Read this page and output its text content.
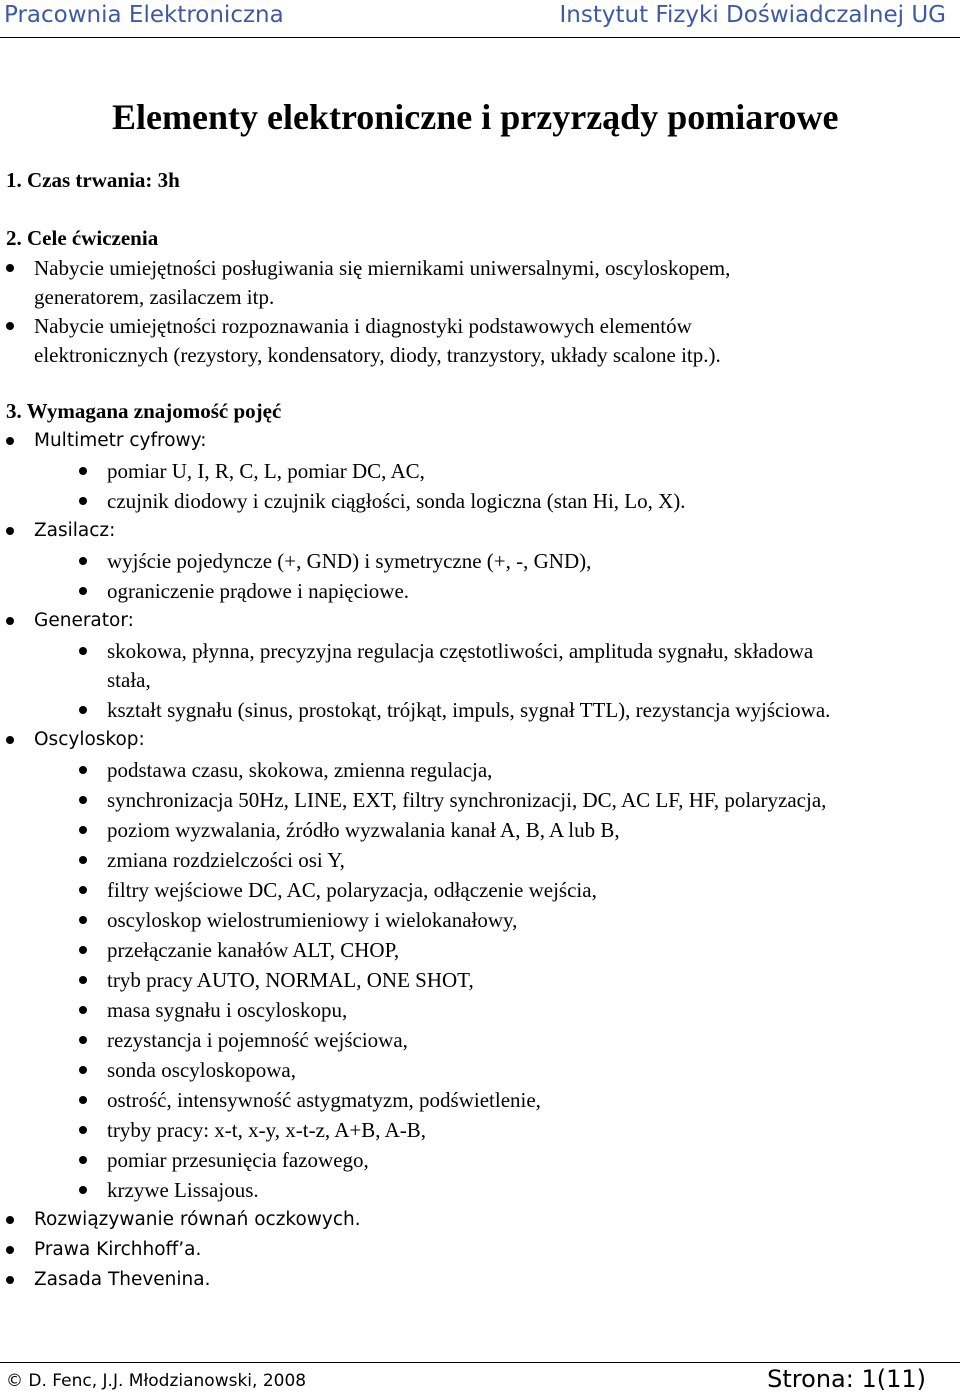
Pracownia Elektroniczna	Instytut Fizyki Doświadczalnej UG
Elementy elektroniczne i przyrządy pomiarowe
1. Czas trwania: 3h
2. Cele ćwiczenia
Nabycie umiejętności posługiwania się miernikami uniwersalnymi, oscyloskopem,
generatorem, zasilaczem itp.
Nabycie umiejętności rozpoznawania i diagnostyki podstawowych elementów
elektronicznych (rezystory, kondensatory, diody, tranzystory, układy scalone itp.).
3. Wymagana znajomość pojęć
Multimetr cyfrowy:
pomiar U, I, R, C, L, pomiar DC, AC,
czujnik diodowy i czujnik ciągłości, sonda logiczna (stan Hi, Lo, X).
Zasilacz:
wyjście pojedyncze (+, GND) i symetryczne (+, -, GND),
ograniczenie prądowe i napięciowe.
Generator:
skokowa, płynna, precyzyjna regulacja częstotliwości, amplituda sygnału, składowa
stała,
kształt sygnału (sinus, prostokąt, trójkąt, impuls, sygnał TTL), rezystancja wyjściowa.
Oscyloskop:
podstawa czasu, skokowa, zmienna regulacja,
synchronizacja 50Hz, LINE, EXT, filtry synchronizacji, DC, AC LF, HF, polaryzacja,
poziom wyzwalania, źródło wyzwalania kanał A, B, A lub B,
zmiana rozdzielczości osi Y,
filtry wejściowe DC, AC, polaryzacja, odłączenie wejścia,
oscyloskop wielostrumieniowy i wielokanałowy,
przełączanie kanałów ALT, CHOP,
tryb pracy AUTO, NORMAL, ONE SHOT,
masa sygnału i oscyloskopu,
rezystancja i pojemność wejściowa,
sonda oscyloskopowa,
ostrość, intensywność astygmatyzm, podświetlenie,
tryby pracy: x-t, x-y, x-t-z, A+B, A-B,
pomiar przesunięcia fazowego,
krzywe Lissajous.
Rozwiązywanie równań oczkowych.
Prawa Kirchhoff’a.
Zasada Thevenina.
© D. Fenc, J.J. Młodzianowski, 2008	Strona: 1(11)
